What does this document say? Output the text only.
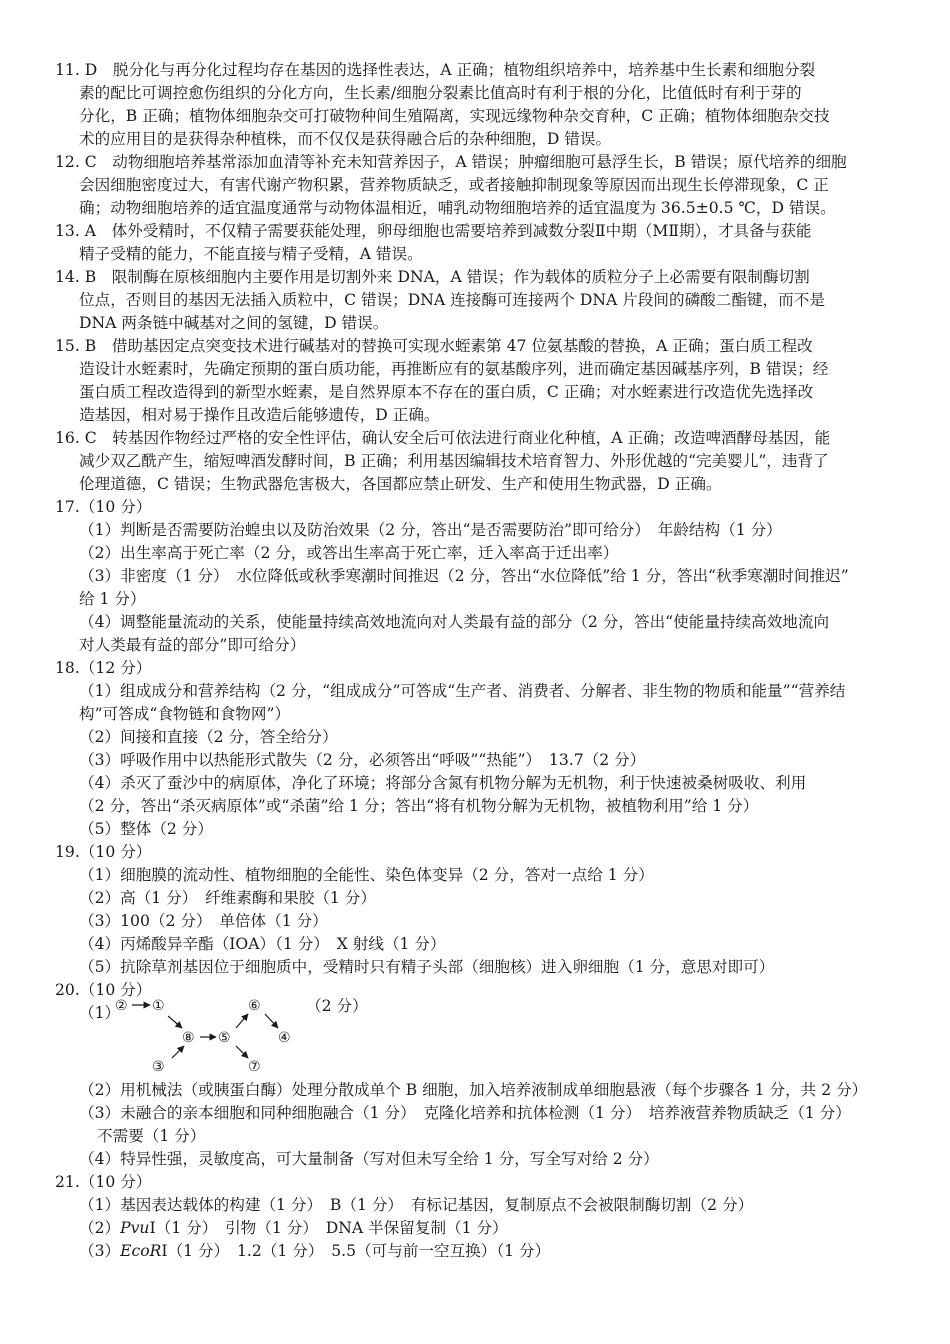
11. D　脱分化与再分化过程均存在基因的选择性表达，A 正确；植物组织培养中，培养基中生长素和细胞分裂
素的配比可调控愈伤组织的分化方向，生长素/细胞分裂素比值高时有利于根的分化，比值低时有利于芽的
分化，B 正确；植物体细胞杂交可打破物种间生殖隔离，实现远缘物种杂交育种，C 正确；植物体细胞杂交技
术的应用目的是获得杂种植株，而不仅仅是获得融合后的杂种细胞，D 错误。
12. C　动物细胞培养基常添加血清等补充未知营养因子，A 错误；肿瘤细胞可悬浮生长，B 错误；原代培养的细胞
会因细胞密度过大，有害代谢产物积累，营养物质缺乏，或者接触抑制现象等原因而出现生长停滞现象，C 正
确；动物细胞培养的适宜温度通常与动物体温相近，哺乳动物细胞培养的适宜温度为 36.5±0.5 ℃，D 错误。
13. A　体外受精时，不仅精子需要获能处理，卵母细胞也需要培养到减数分裂Ⅱ中期（MⅡ期），才具备与获能
精子受精的能力，不能直接与精子受精，A 错误。
14. B　限制酶在原核细胞内主要作用是切割外来 DNA，A 错误；作为载体的质粒分子上必需要有限制酶切割
位点，否则目的基因无法插入质粒中，C 错误；DNA 连接酶可连接两个 DNA 片段间的磷酸二酯键，而不是
DNA 两条链中碱基对之间的氢键，D 错误。
15. B　借助基因定点突变技术进行碱基对的替换可实现水蛭素第 47 位氨基酸的替换，A 正确；蛋白质工程改
造设计水蛭素时，先确定预期的蛋白质功能，再推断应有的氨基酸序列，进而确定基因碱基序列，B 错误；经
蛋白质工程改造得到的新型水蛭素，是自然界原本不存在的蛋白质，C 正确；对水蛭素进行改造优先选择改
造基因，相对易于操作且改造后能够遗传，D 正确。
16. C　转基因作物经过严格的安全性评估，确认安全后可依法进行商业化种植，A 正确；改造啤酒酵母基因，能
减少双乙酰产生，缩短啤酒发酵时间，B 正确；利用基因编辑技术培育智力、外形优越的“完美婴儿”，违背了
伦理道德，C 错误；生物武器危害极大，各国都应禁止研发、生产和使用生物武器，D 正确。
17.（10 分）
（1）判断是否需要防治蝗虫以及防治效果（2 分，答出“是否需要防治”即可给分）　年龄结构（1 分）
（2）出生率高于死亡率（2 分，或答出生率高于死亡率，迁入率高于迁出率）
（3）非密度（1 分）　水位降低或秋季寒潮时间推迟（2 分，答出“水位降低”给 1 分，答出“秋季寒潮时间推迟”
给 1 分）
（4）调整能量流动的关系，使能量持续高效地流向对人类最有益的部分（2 分，答出“使能量持续高效地流向
对人类最有益的部分”即可给分）
18.（12 分）
（1）组成成分和营养结构（2 分，“组成成分”可答成“生产者、消费者、分解者、非生物的物质和能量”“营养结
构”可答成“食物链和食物网”）
（2）间接和直接（2 分，答全给分）
（3）呼吸作用中以热能形式散失（2 分，必须答出“呼吸”“热能”）　13.7（2 分）
（4）杀灭了蚕沙中的病原体，净化了环境；将部分含氮有机物分解为无机物，利于快速被桑树吸收、利用
（2 分，答出“杀灭病原体”或“杀菌”给 1 分；答出“将有机物分解为无机物，被植物利用”给 1 分）
（5）整体（2 分）
19.（10 分）
（1）细胞膜的流动性、植物细胞的全能性、染色体变异（2 分，答对一点给 1 分）
（2）高（1 分）　纤维素酶和果胶（1 分）
（3）100（2 分）　单倍体（1 分）
（4）丙烯酸异辛酯（IOA）（1 分）　X 射线（1 分）
（5）抗除草剂基因位于细胞质中，受精时只有精子头部（细胞核）进入卵细胞（1 分，意思对即可）
20.（10 分）
（1）
② ①
⑧ ⑤
⑥
④
③	⑦
（2 分）
（2）用机械法（或胰蛋白酶）处理分散成单个 B 细胞，加入培养液制成单细胞悬液（每个步骤各 1 分，共 2 分）
（3）未融合的亲本细胞和同种细胞融合（1 分）　克隆化培养和抗体检测（1 分）　培养液营养物质缺乏（1 分）
不需要（1 分）
（4）特异性强，灵敏度高，可大量制备（写对但未写全给 1 分，写全写对给 2 分）
21.（10 分）
（1）基因表达载体的构建（1 分）　B（1 分）　有标记基因，复制原点不会被限制酶切割（2 分）
（2）PvuⅠ（1 分）　引物（1 分）　DNA 半保留复制（1 分）
（3）EcoRⅠ（1 分）　1.2（1 分）　5.5（可与前一空互换）（1 分）
